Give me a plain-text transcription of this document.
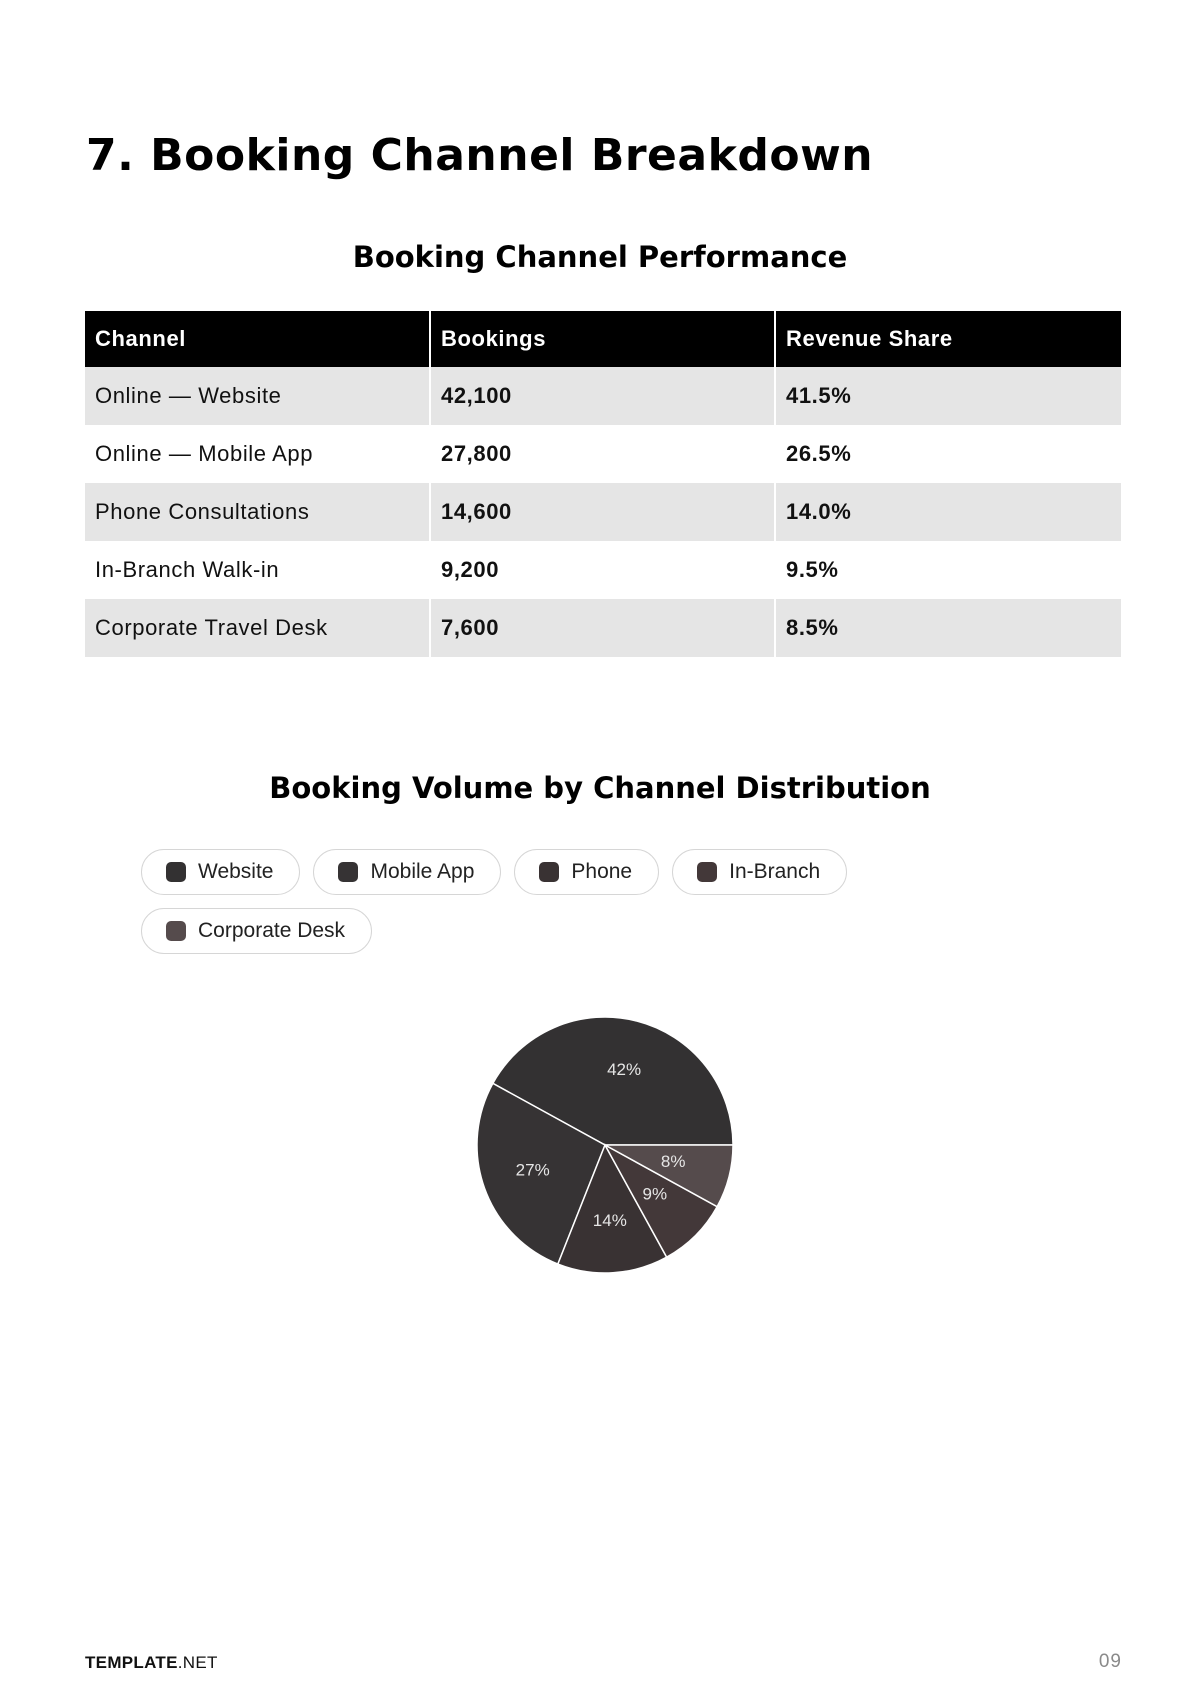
7. Booking Channel Breakdown
Booking Channel Performance
Channel	Bookings	Revenue Share
Online — Website	42,100	41.5%
Online — Mobile App	27,800	26.5%
Phone Consultations	14,600	14.0%
In-Branch Walk-in	9,200	9.5%
Corporate Travel Desk	7,600	8.5%
Booking Volume by Channel Distribution
Website	Mobile App	Phone	In-Branch
Corporate Desk
42%
27%
14%
9%
8%
TEMPLATE.NET	09
